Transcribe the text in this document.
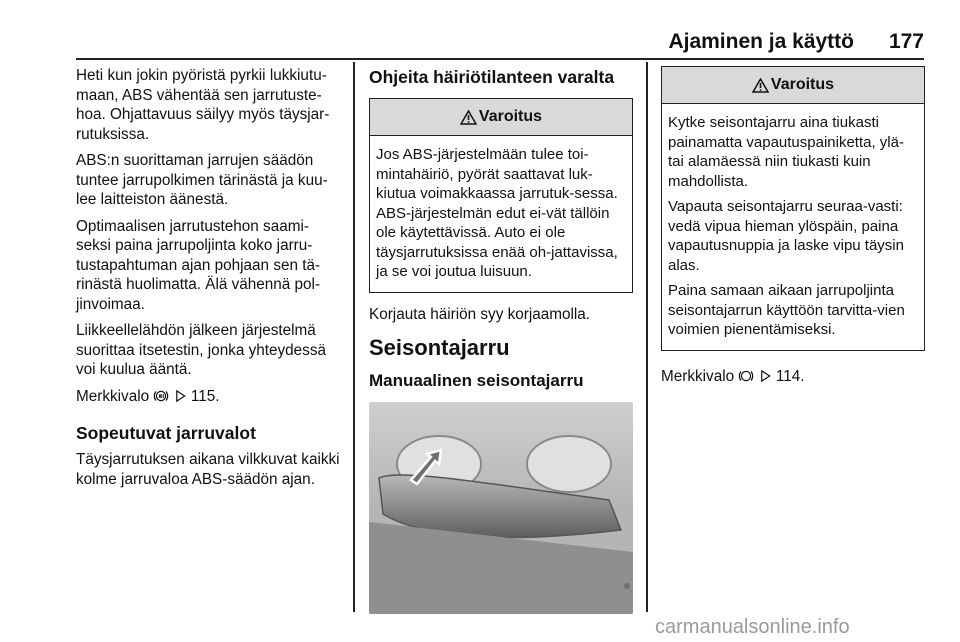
Ajaminen ja käyttö 177

Heti kun jokin pyöristä pyrkii lukkiutu-maan, ABS vähentää sen jarrutuste-hoa. Ohjattavuus säilyy myös täysjar-rutuksissa.

ABS:n suorittaman jarrujen säädön tuntee jarrupolkimen tärinästä ja kuu-lee laitteiston äänestä.

Optimaalisen jarrutustehon saami-seksi paina jarrupoljinta koko jarru-tustapahtuman ajan pohjaan sen tä-rinästä huolimatta. Älä vähennä pol-jinvoimaa.

Liikkeellelähdön jälkeen järjestelmä suorittaa itsetestin, jonka yhteydessä voi kuulua ääntä.

Merkkivalo	115.

Sopeutuvat jarruvalot

Täysjarrutuksen aikana vilkkuvat kaikki kolme jarruvaloa ABS-säädön ajan.

Ohjeita häiriötilanteen varalta
Varoitus

Jos ABS-järjestelmään tulee toi-mintahäiriö, pyörät saattavat luk-kiutua voimakkaassa jarrutuk-sessa. ABS-järjestelmän edut ei-vät tällöin ole käytettävissä. Auto ei ole täysjarrutuksissa enää oh-jattavissa, ja se voi joutua luisuun.

Korjauta häiriön syy korjaamolla.

Seisontajarru
Manuaalinen seisontajarru
Varoitus

Kytke seisontajarru aina tiukasti painamatta vapautuspainiketta, ylä- tai alamäessä niin tiukasti kuin mahdollista.

Vapauta seisontajarru seuraa-vasti: vedä vipua hieman ylöspäin, paina vapautusnuppia ja laske vipu täysin alas.

Paina samaan aikaan jarrupoljinta seisontajarrun käyttöön tarvitta-vien voimien pienentämiseksi.

Merkkivalo	114.

carmanualsonline.info
